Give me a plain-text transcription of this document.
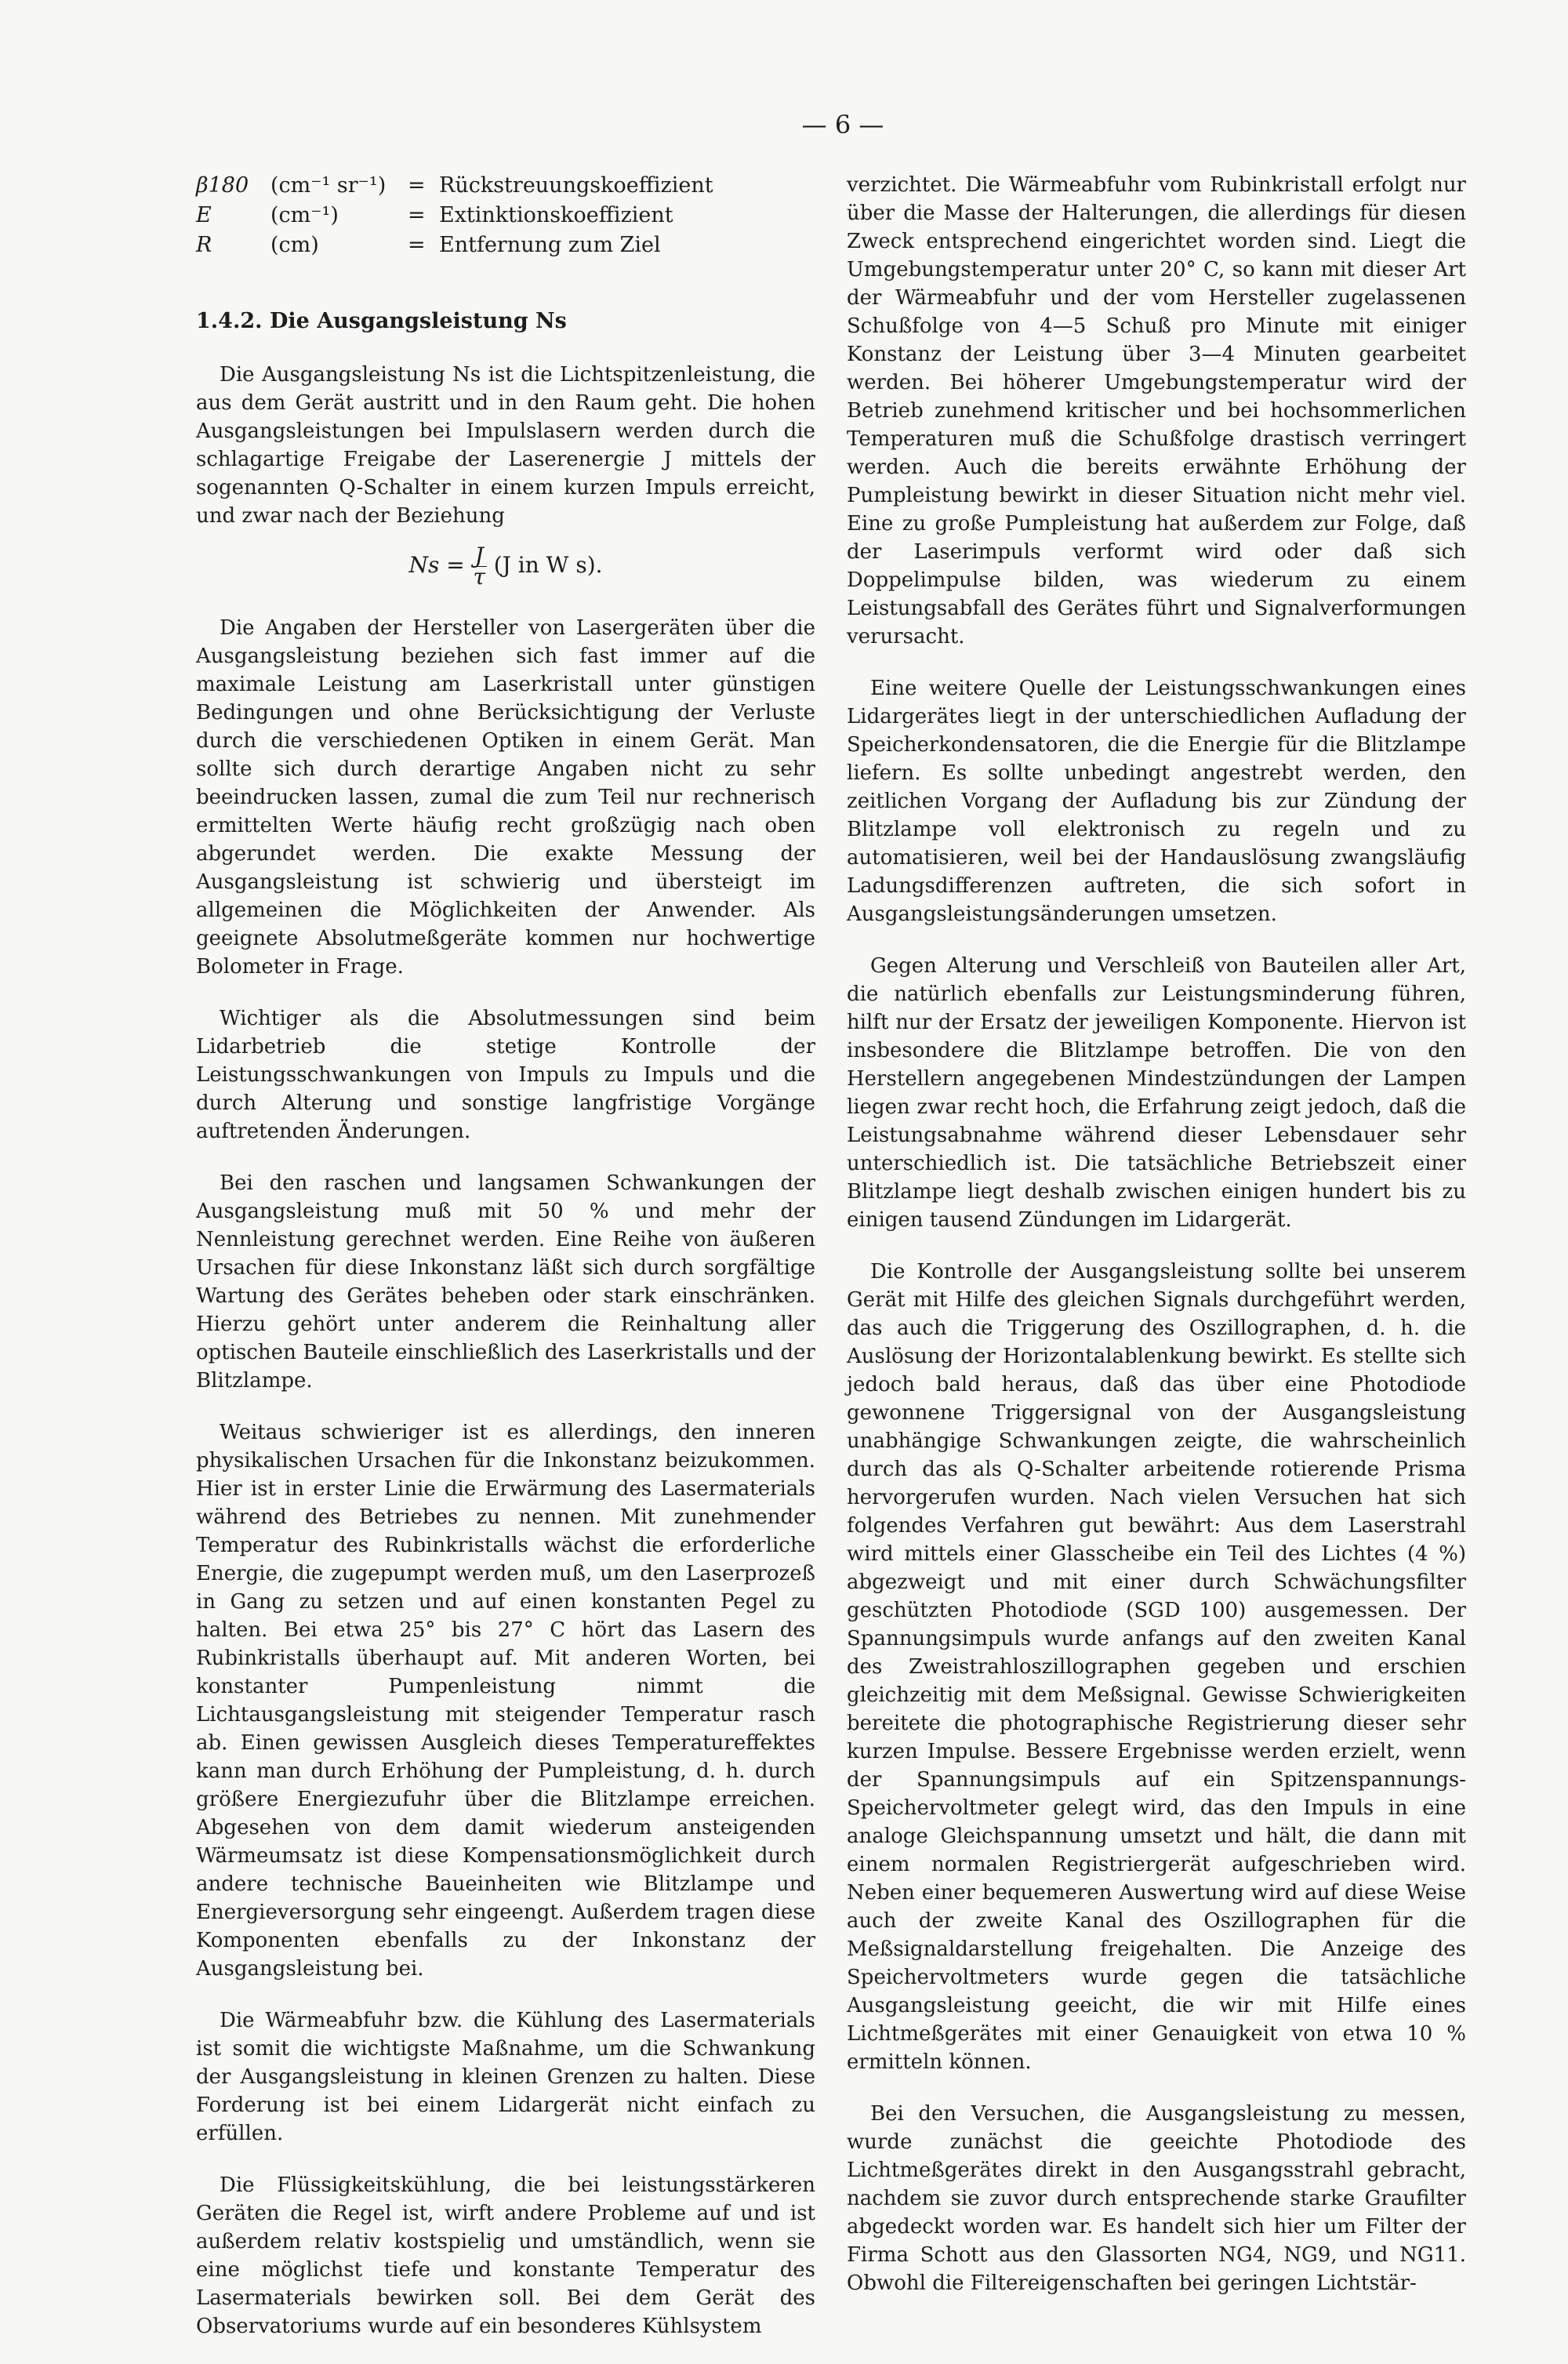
— 6 —
β180	(cm⁻¹ sr⁻¹)	= Rückstreuungskoeffizient
E	(cm⁻¹)	= Extinktionskoeffizient
R	(cm)	= Entfernung zum Ziel
1.4.2. Die Ausgangsleistung Ns

Die Ausgangsleistung Ns ist die Lichtspitzenleistung, die aus dem Gerät austritt und in den Raum geht. Die hohen Ausgangsleistungen bei Impulslasern werden durch die schlagartige Freigabe der Laserenergie J mittels der sogenannten Q-Schalter in einem kurzen Impuls erreicht, und zwar nach der Beziehung

$Ns = \frac{J}{\tau} (J$ in W s).

Die Angaben der Hersteller von Lasergeräten über die Ausgangsleistung beziehen sich fast immer auf die maximale Leistung am Laserkristall unter günstigen Bedingungen und ohne Berücksichtigung der Verluste durch die verschiedenen Optiken in einem Gerät. Man sollte sich durch derartige Angaben nicht zu sehr beeindrucken lassen, zumal die zum Teil nur rechnerisch ermittelten Werte häufig recht großzügig nach oben abgerundet werden. Die exakte Messung der Ausgangsleistung ist schwierig und übersteigt im allgemeinen die Möglichkeiten der Anwender. Als geeignete Absolutmeßgeräte kommen nur hochwertige Bolometer in Frage.

Wichtiger als die Absolutmessungen sind beim Lidarbetrieb die stetige Kontrolle der Leistungsschwankungen von Impuls zu Impuls und die durch Alterung und sonstige langfristige Vorgänge auftretenden Änderungen.

Bei den raschen und langsamen Schwankungen der Ausgangsleistung muß mit 50 % und mehr der Nennleistung gerechnet werden. Eine Reihe von äußeren Ursachen für diese Inkonstanz läßt sich durch sorgfältige Wartung des Gerätes beheben oder stark einschränken. Hierzu gehört unter anderem die Reinhaltung aller optischen Bauteile einschließlich des Laserkristalls und der Blitzlampe.

Weitaus schwieriger ist es allerdings, den inneren physikalischen Ursachen für die Inkonstanz beizukommen. Hier ist in erster Linie die Erwärmung des Lasermaterials während des Betriebes zu nennen. Mit zunehmender Temperatur des Rubinkristalls wächst die erforderliche Energie, die zugepumpt werden muß, um den Laserprozeß in Gang zu setzen und auf einen konstanten Pegel zu halten. Bei etwa 25° bis 27° C hört das Lasern des Rubinkristalls überhaupt auf. Mit anderen Worten, bei konstanter Pumpenleistung nimmt die Lichtausgangsleistung mit steigender Temperatur rasch ab. Einen gewissen Ausgleich dieses Temperatureffektes kann man durch Erhöhung der Pumpleistung, d. h. durch größere Energiezufuhr über die Blitzlampe erreichen. Abgesehen von dem damit wiederum ansteigenden Wärmeumsatz ist diese Kompensationsmöglichkeit durch andere technische Baueinheiten wie Blitzlampe und Energieversorgung sehr eingeengt. Außerdem tragen diese Komponenten ebenfalls zu der Inkonstanz der Ausgangsleistung bei.

Die Wärmeabfuhr bzw. die Kühlung des Lasermaterials ist somit die wichtigste Maßnahme, um die Schwankung der Ausgangsleistung in kleinen Grenzen zu halten. Diese Forderung ist bei einem Lidargerät nicht einfach zu erfüllen.

Die Flüssigkeitskühlung, die bei leistungsstärkeren Geräten die Regel ist, wirft andere Probleme auf und ist außerdem relativ kostspielig und umständlich, wenn sie eine möglichst tiefe und konstante Temperatur des Lasermaterials bewirken soll. Bei dem Gerät des Observatoriums wurde auf ein besonderes Kühlsystem

verzichtet. Die Wärmeabfuhr vom Rubinkristall erfolgt nur über die Masse der Halterungen, die allerdings für diesen Zweck entsprechend eingerichtet worden sind. Liegt die Umgebungstemperatur unter 20° C, so kann mit dieser Art der Wärmeabfuhr und der vom Hersteller zugelassenen Schußfolge von 4—5 Schuß pro Minute mit einiger Konstanz der Leistung über 3—4 Minuten gearbeitet werden. Bei höherer Umgebungstemperatur wird der Betrieb zunehmend kritischer und bei hochsommerlichen Temperaturen muß die Schußfolge drastisch verringert werden. Auch die bereits erwähnte Erhöhung der Pumpleistung bewirkt in dieser Situation nicht mehr viel. Eine zu große Pumpleistung hat außerdem zur Folge, daß der Laserimpuls verformt wird oder daß sich Doppelimpulse bilden, was wiederum zu einem Leistungsabfall des Gerätes führt und Signalverformungen verursacht.

Eine weitere Quelle der Leistungsschwankungen eines Lidargerätes liegt in der unterschiedlichen Aufladung der Speicherkondensatoren, die die Energie für die Blitzlampe liefern. Es sollte unbedingt angestrebt werden, den zeitlichen Vorgang der Aufladung bis zur Zündung der Blitzlampe voll elektronisch zu regeln und zu automatisieren, weil bei der Handauslösung zwangsläufig Ladungsdifferenzen auftreten, die sich sofort in Ausgangsleistungsänderungen umsetzen.

Gegen Alterung und Verschleiß von Bauteilen aller Art, die natürlich ebenfalls zur Leistungsminderung führen, hilft nur der Ersatz der jeweiligen Komponente. Hiervon ist insbesondere die Blitzlampe betroffen. Die von den Herstellern angegebenen Mindestzündungen der Lampen liegen zwar recht hoch, die Erfahrung zeigt jedoch, daß die Leistungsabnahme während dieser Lebensdauer sehr unterschiedlich ist. Die tatsächliche Betriebszeit einer Blitzlampe liegt deshalb zwischen einigen hundert bis zu einigen tausend Zündungen im Lidargerät.

Die Kontrolle der Ausgangsleistung sollte bei unserem Gerät mit Hilfe des gleichen Signals durchgeführt werden, das auch die Triggerung des Oszillographen, d. h. die Auslösung der Horizontalablenkung bewirkt. Es stellte sich jedoch bald heraus, daß das über eine Photodiode gewonnene Triggersignal von der Ausgangsleistung unabhängige Schwankungen zeigte, die wahrscheinlich durch das als Q-Schalter arbeitende rotierende Prisma hervorgerufen wurden. Nach vielen Versuchen hat sich folgendes Verfahren gut bewährt: Aus dem Laserstrahl wird mittels einer Glasscheibe ein Teil des Lichtes (4 %) abgezweigt und mit einer durch Schwächungsfilter geschützten Photodiode (SGD 100) ausgemessen. Der Spannungsimpuls wurde anfangs auf den zweiten Kanal des Zweistrahloszillographen gegeben und erschien gleichzeitig mit dem Meßsignal. Gewisse Schwierigkeiten bereitete die photographische Registrierung dieser sehr kurzen Impulse. Bessere Ergebnisse werden erzielt, wenn der Spannungsimpuls auf ein Spitzenspannungs-Speichervoltmeter gelegt wird, das den Impuls in eine analoge Gleichspannung umsetzt und hält, die dann mit einem normalen Registriergerät aufgeschrieben wird. Neben einer bequemeren Auswertung wird auf diese Weise auch der zweite Kanal des Oszillographen für die Meßsignaldarstellung freigehalten. Die Anzeige des Speichervoltmeters wurde gegen die tatsächliche Ausgangsleistung geeicht, die wir mit Hilfe eines Lichtmeßgerätes mit einer Genauigkeit von etwa 10 % ermitteln können.

Bei den Versuchen, die Ausgangsleistung zu messen, wurde zunächst die geeichte Photodiode des Lichtmeßgerätes direkt in den Ausgangsstrahl gebracht, nachdem sie zuvor durch entsprechende starke Graufilter abgedeckt worden war. Es handelt sich hier um Filter der Firma Schott aus den Glassorten NG4, NG9, und NG11. Obwohl die Filtereigenschaften bei geringen Lichtstär-
